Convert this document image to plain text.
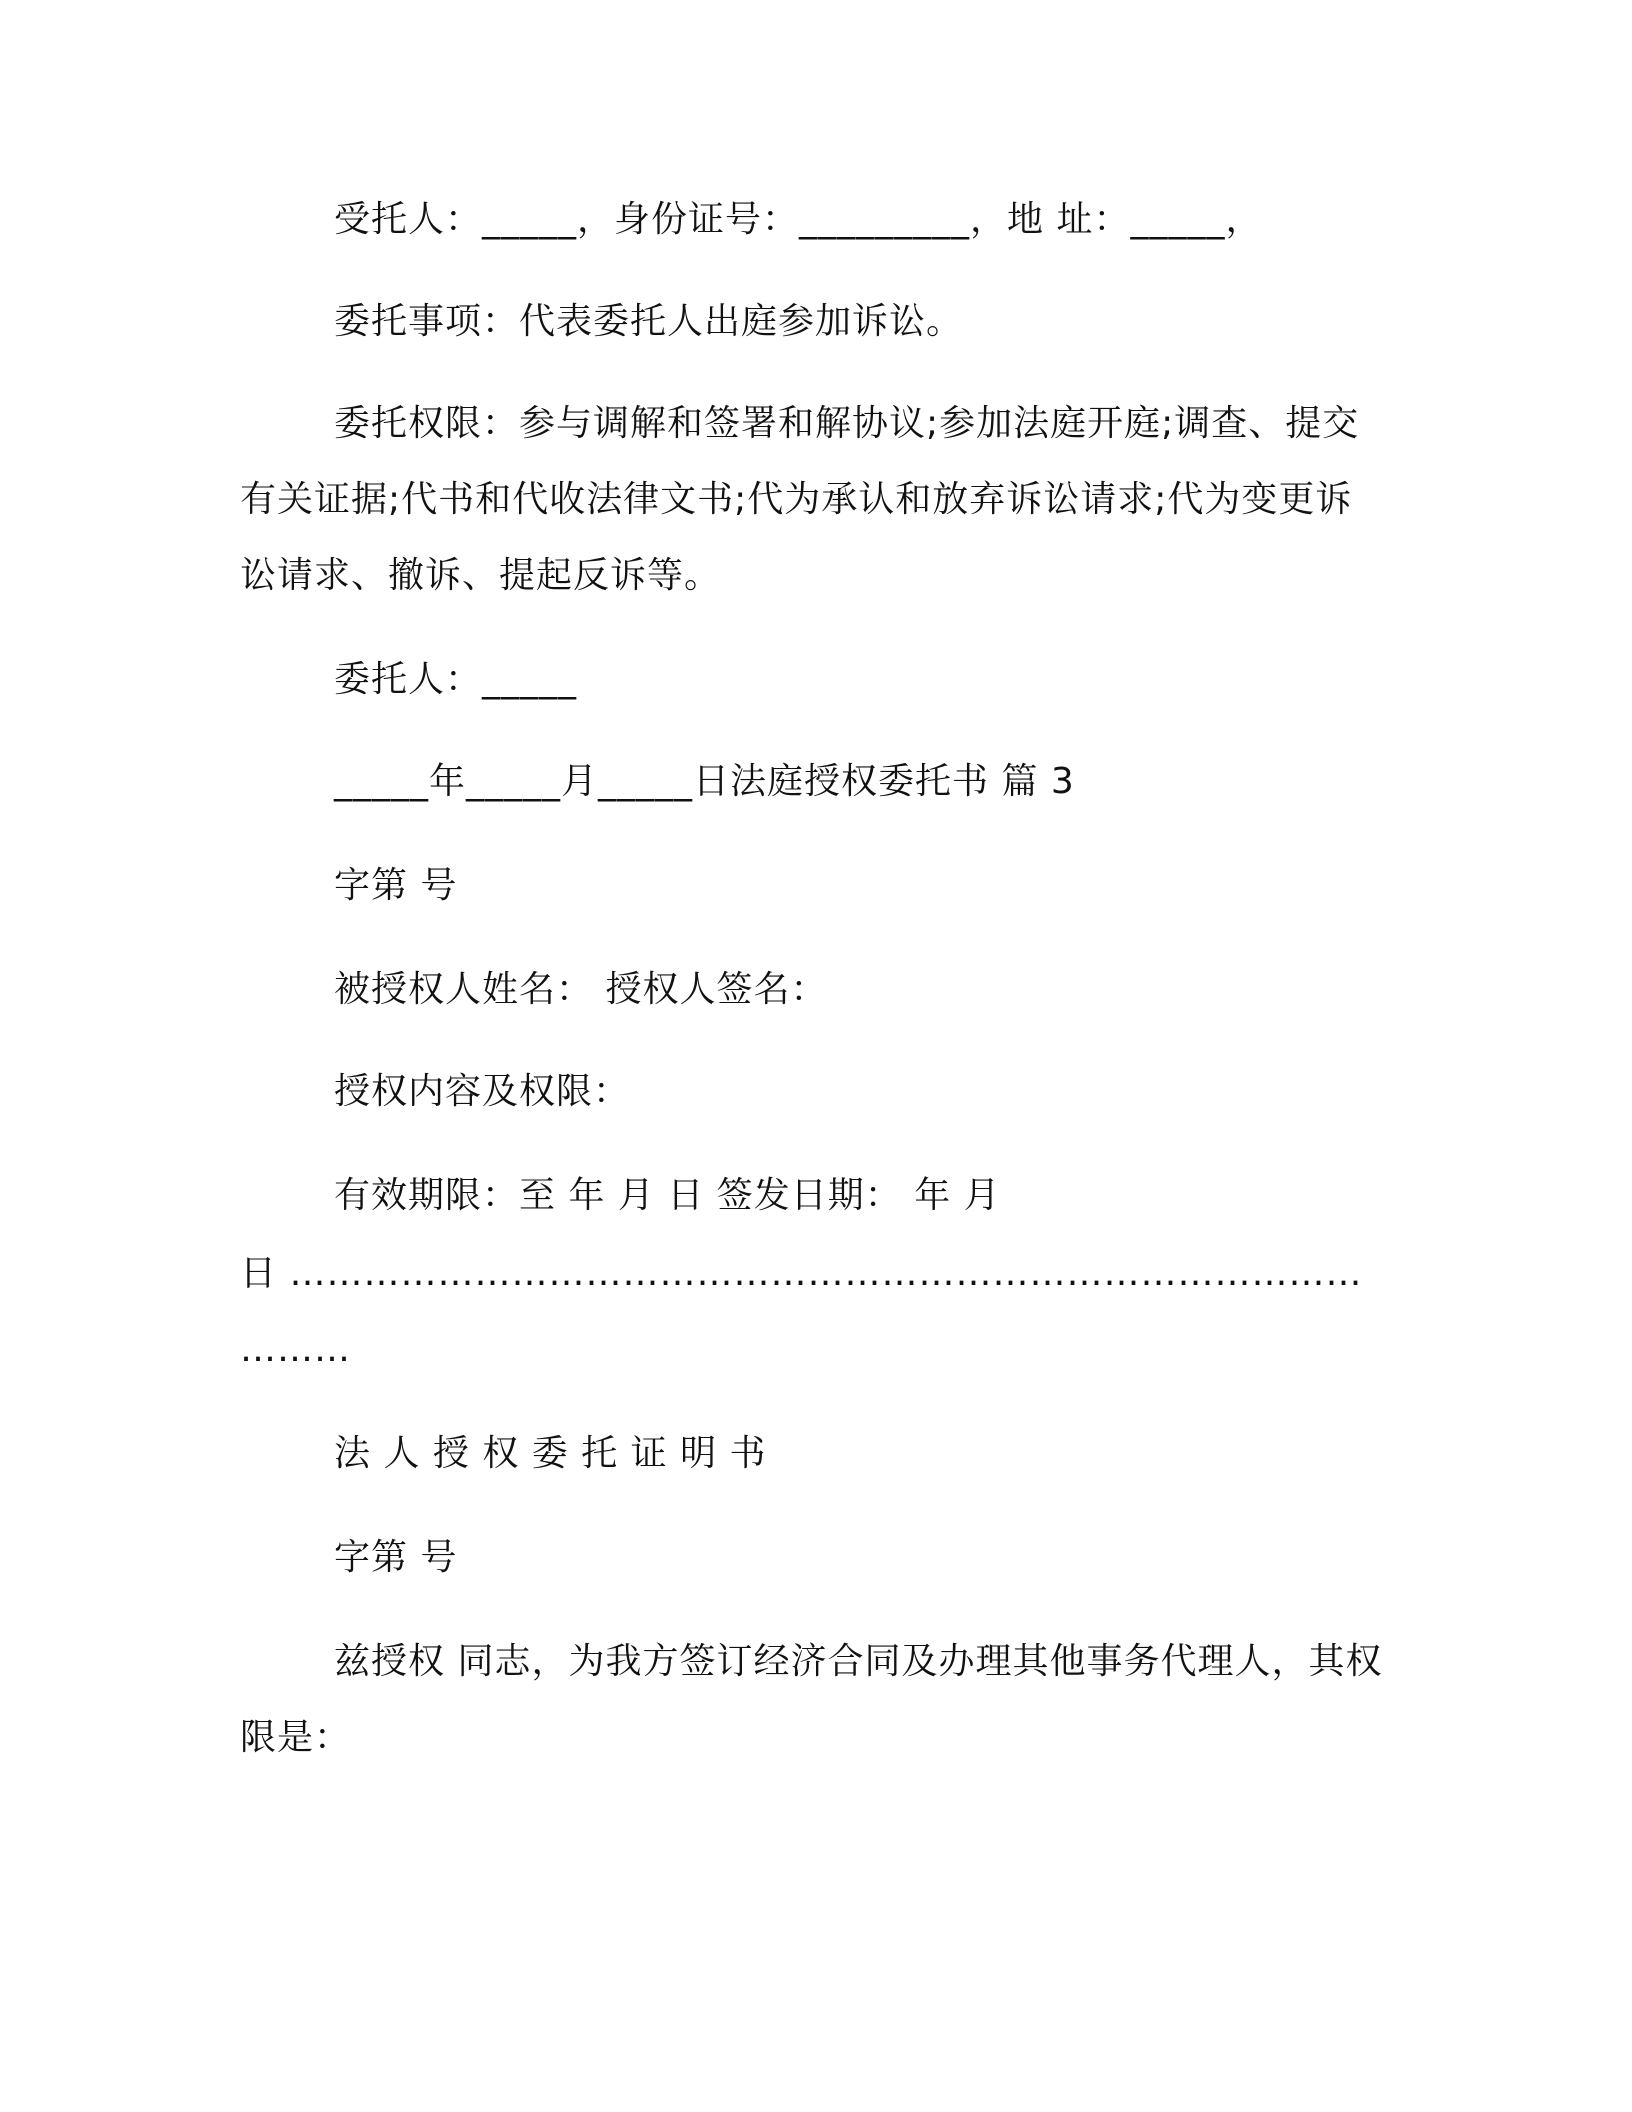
受托人：_____，身份证号：_________，地 址：_____，
委托事项：代表委托人出庭参加诉讼。
委托权限：参与调解和签署和解协议;参加法庭开庭;调查、提交
有关证据;代书和代收法律文书;代为承认和放弃诉讼请求;代为变更诉
讼请求、撤诉、提起反诉等。
委托人：_____
_____年_____月_____日法庭授权委托书 篇 3
字第 号
被授权人姓名： 授权人签名：
授权内容及权限：
有效期限：至 年 月 日 签发日期： 年 月
日 ……………………………………………………………………………
………
法 人 授 权 委 托 证 明 书
字第 号
兹授权 同志，为我方签订经济合同及办理其他事务代理人，其权
限是：
